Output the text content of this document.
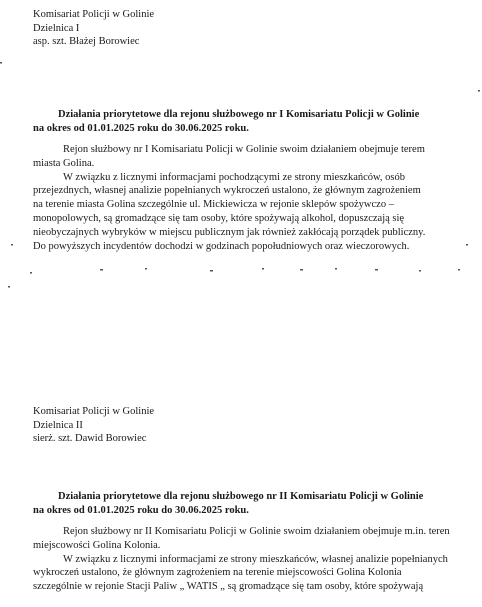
Komisariat Policji w Golinie
Dzielnica I
asp. szt. Błażej Borowiec
Działania priorytetowe dla rejonu służbowego nr I Komisariatu Policji w Golinie
na okres od 01.01.2025 roku do 30.06.2025 roku.

Rejon służbowy nr I Komisariatu Policji w Golinie swoim działaniem obejmuje terem

miasta Golina.

W związku z licznymi informacjami pochodzącymi ze strony mieszkańców, osób

przejezdnych, własnej analizie popełnianych wykroczeń ustalono, że głównym zagrożeniem

na terenie miasta Golina szczególnie ul. Mickiewicza w rejonie sklepów spożywczo –

monopolowych, są gromadzące się tam osoby, które spożywają alkohol, dopuszczają się

nieobyczajnych wybryków w miejscu publicznym jak również zakłócają porządek publiczny.

Do powyższych incydentów dochodzi w godzinach popołudniowych oraz wieczorowych.

Komisariat Policji w Golinie
Dzielnica II
sierż. szt. Dawid Borowiec
Działania priorytetowe dla rejonu służbowego nr II Komisariatu Policji w Golinie
na okres od 01.01.2025 roku do 30.06.2025 roku.

Rejon służbowy nr II Komisariatu Policji w Golinie swoim działaniem obejmuje m.in. teren

miejscowości Golina Kolonia.

W związku z licznymi informacjami ze strony mieszkańców, własnej analizie popełnianych

wykroczeń ustalono, że głównym zagrożeniem na terenie miejscowości Golina Kolonia

szczególnie w rejonie Stacji Paliw „ WATIS „ są gromadzące się tam osoby, które spożywają
